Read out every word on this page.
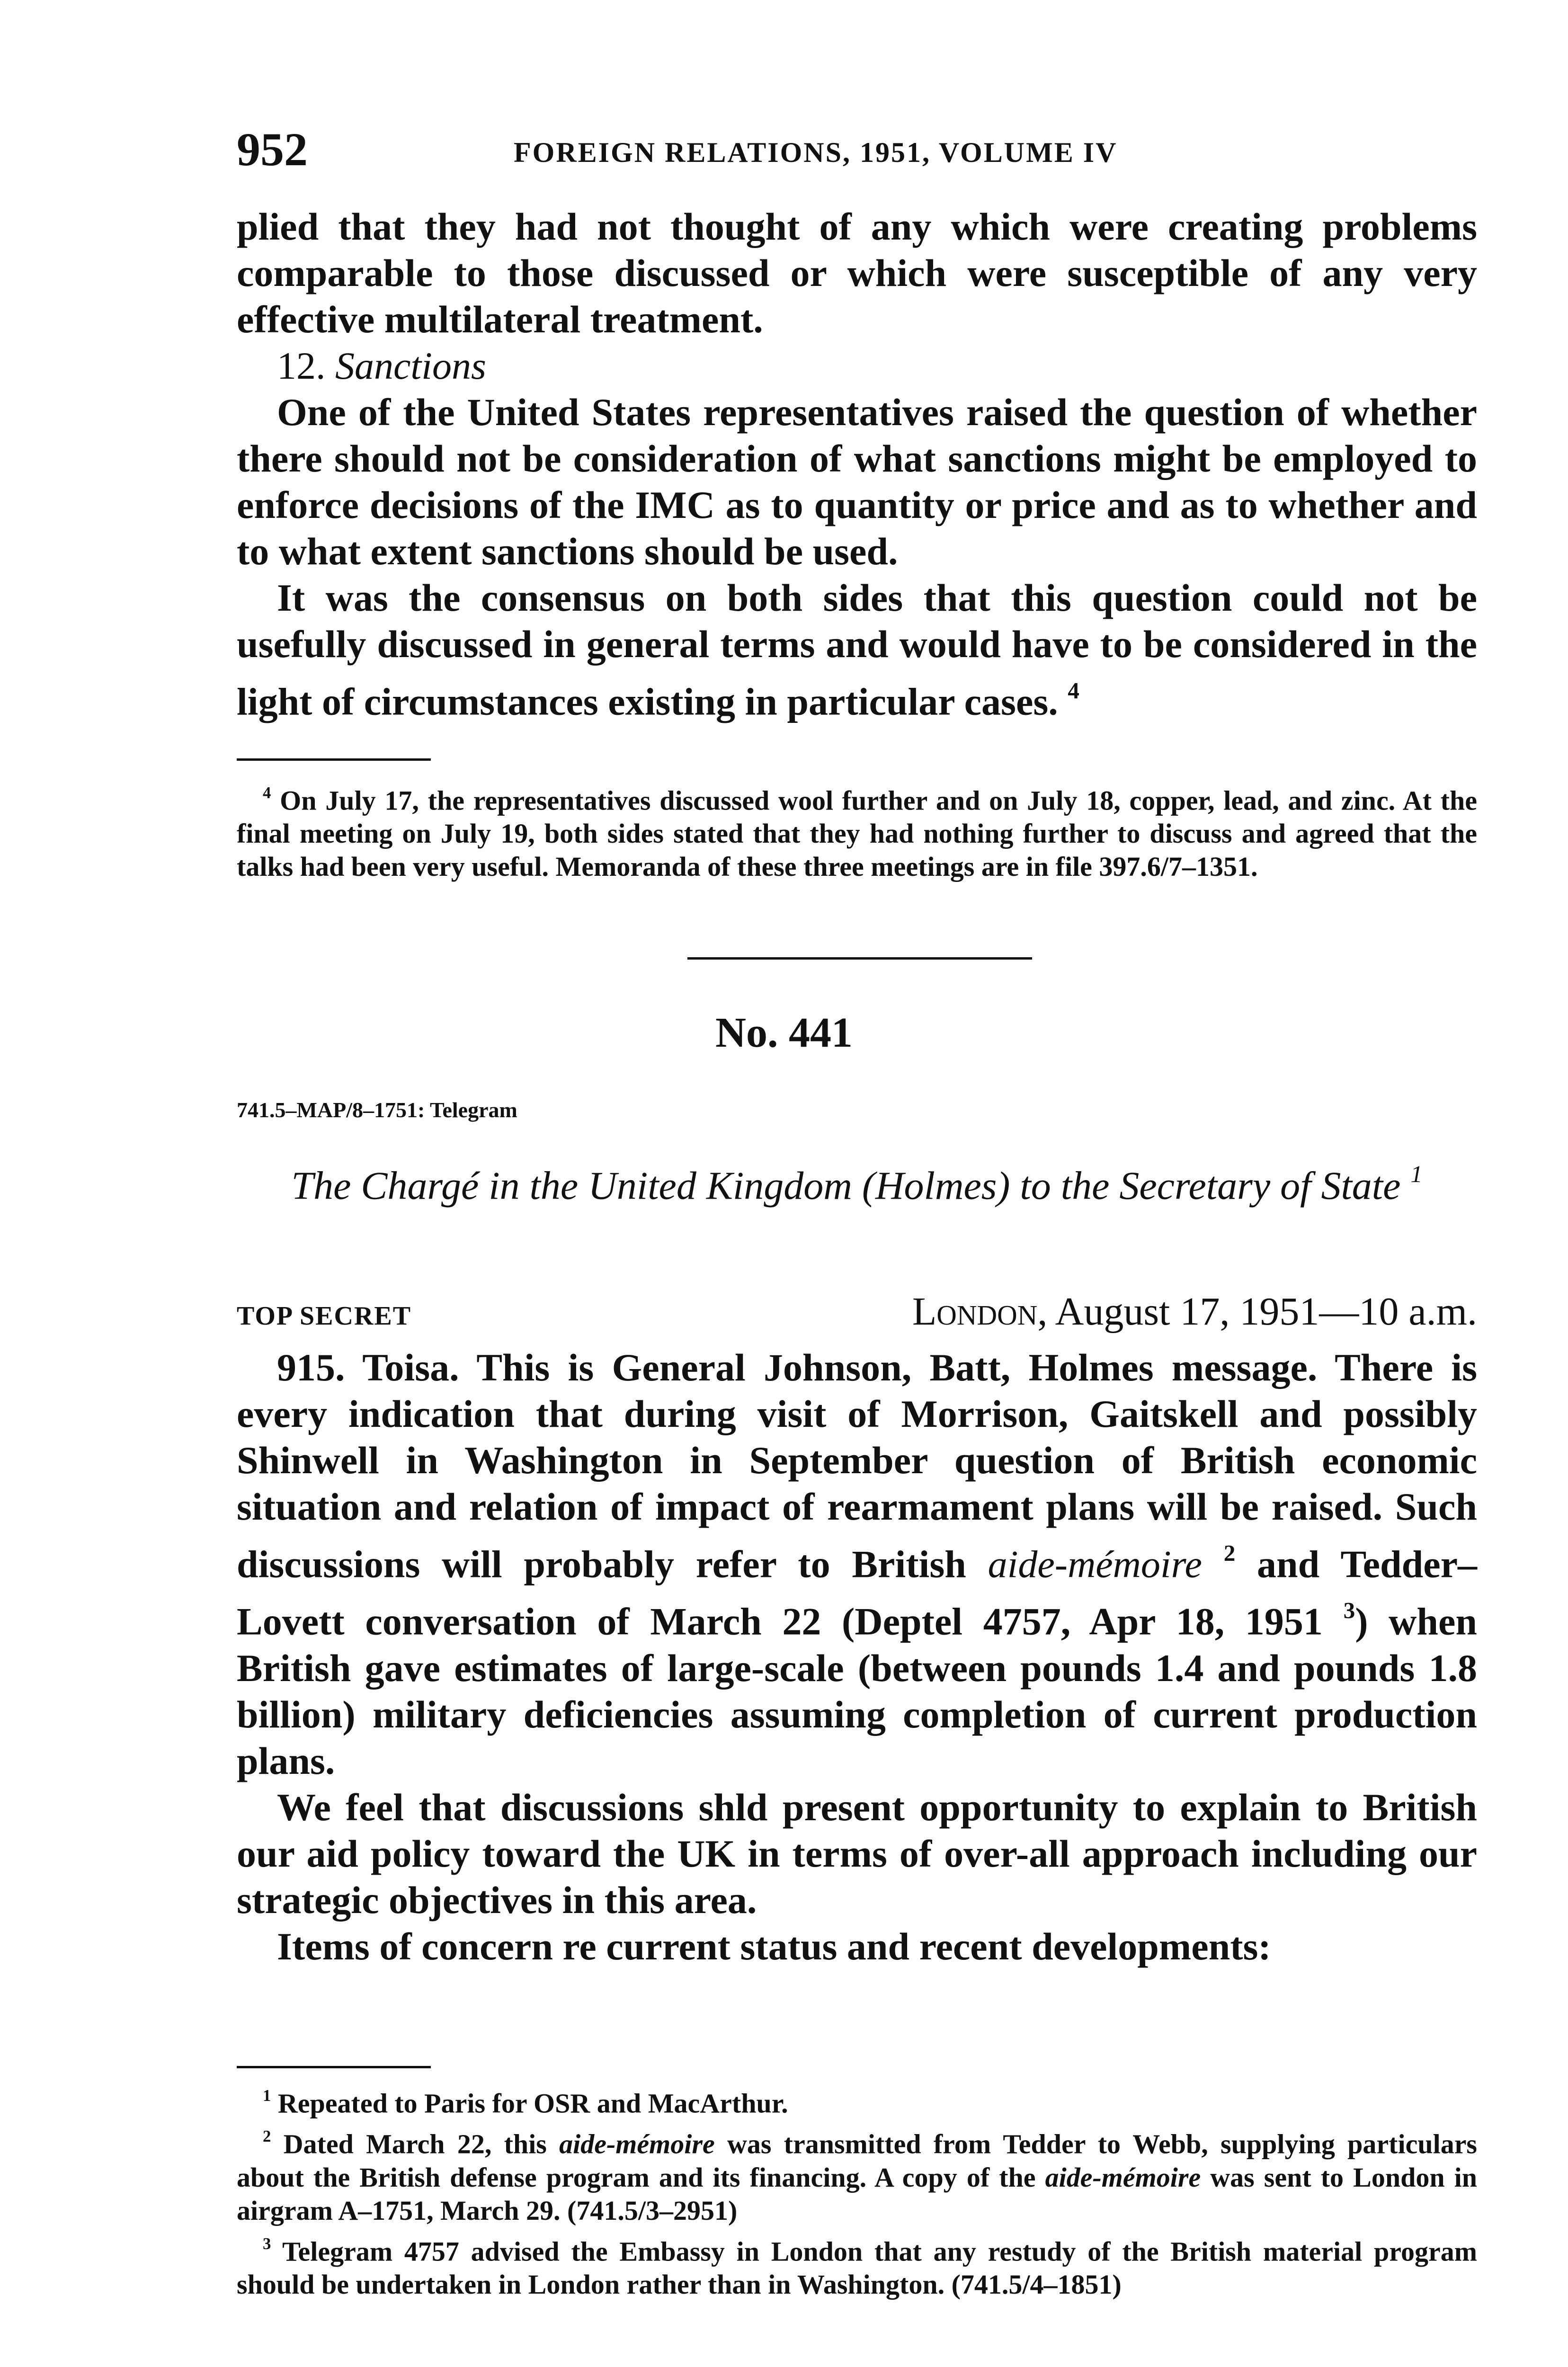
952	FOREIGN RELATIONS, 1951, VOLUME IV

plied that they had not thought of any which were creating problems comparable to those discussed or which were susceptible of any very effective multilateral treatment.

12. Sanctions

One of the United States representatives raised the question of whether there should not be consideration of what sanctions might be employed to enforce decisions of the IMC as to quantity or price and as to whether and to what extent sanctions should be used.

It was the consensus on both sides that this question could not be usefully discussed in general terms and would have to be considered in the light of circumstances existing in particular cases. $^4$

$^4$ On July 17, the representatives discussed wool further and on July 18, copper, lead, and zinc. At the final meeting on July 19, both sides stated that they had nothing further to discuss and agreed that the talks had been very useful. Memoranda of these three meetings are in file 397.6/7–1351.

No. 441
741.5–MAP/8–1751: Telegram
The Chargé in the United Kingdom (Holmes) to the Secretary of State $^1$
TOP SECRET	London, August 17, 1951—10 a.m.

915. Toisa. This is General Johnson, Batt, Holmes message. There is every indication that during visit of Morrison, Gaitskell and possibly Shinwell in Washington in September question of British economic situation and relation of impact of rearmament plans will be raised. Such discussions will probably refer to British aide-mémoire $^2$ and Tedder–Lovett conversation of March 22 (Deptel 4757, Apr 18, 1951 $^3$) when British gave estimates of large-scale (between pounds 1.4 and pounds 1.8 billion) military deficiencies assuming completion of current production plans.

We feel that discussions shld present opportunity to explain to British our aid policy toward the UK in terms of over-all approach including our strategic objectives in this area.

Items of concern re current status and recent developments:

$^1$ Repeated to Paris for OSR and MacArthur.

$^2$ Dated March 22, this aide-mémoire was transmitted from Tedder to Webb, supplying particulars about the British defense program and its financing. A copy of the aide-mémoire was sent to London in airgram A–1751, March 29. (741.5/3–2951)

$^3$ Telegram 4757 advised the Embassy in London that any restudy of the British material program should be undertaken in London rather than in Washington. (741.5/4–1851)
